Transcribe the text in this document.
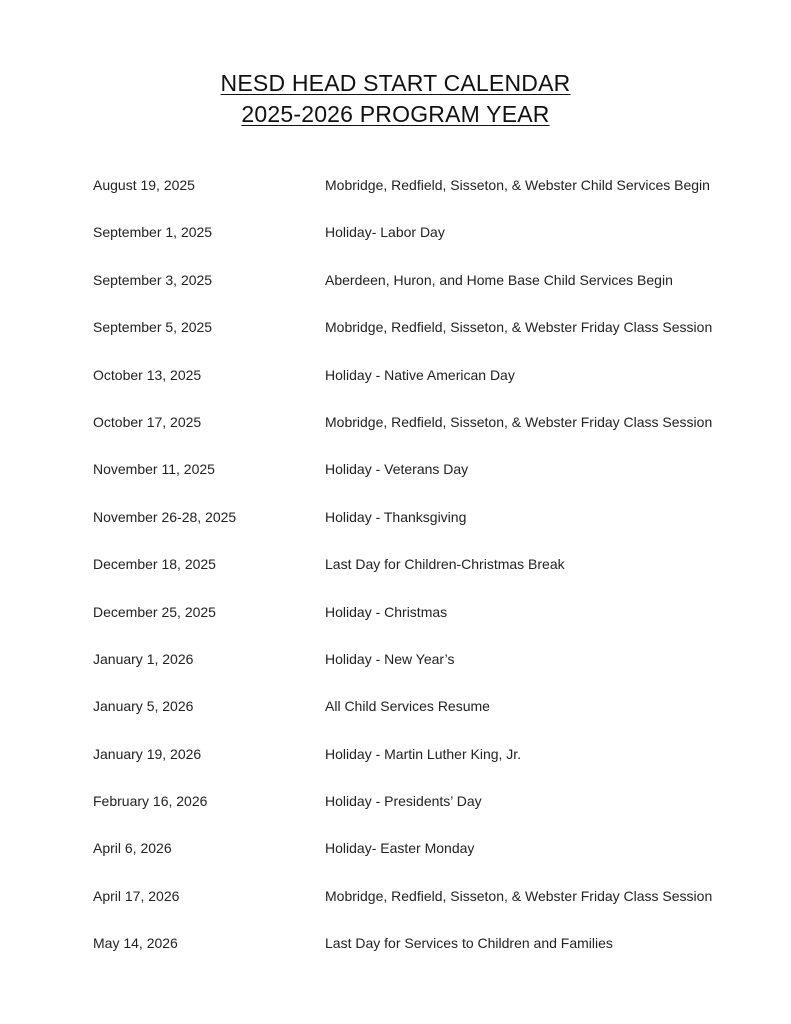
NESD HEAD START CALENDAR
2025-2026 PROGRAM YEAR
August 19, 2025	Mobridge, Redfield, Sisseton, & Webster Child Services Begin
September 1, 2025	Holiday- Labor Day
September 3, 2025	Aberdeen, Huron, and Home Base Child Services Begin
September 5, 2025	Mobridge, Redfield, Sisseton, & Webster Friday Class Session
October 13, 2025	Holiday - Native American Day
October 17, 2025	Mobridge, Redfield, Sisseton, & Webster Friday Class Session
November 11, 2025	Holiday - Veterans Day
November 26-28, 2025	Holiday - Thanksgiving
December 18, 2025	Last Day for Children-Christmas Break
December 25, 2025	Holiday - Christmas
January 1, 2026	Holiday - New Year’s
January 5, 2026	All Child Services Resume
January 19, 2026	Holiday - Martin Luther King, Jr.
February 16, 2026	Holiday - Presidents’ Day
April 6, 2026	Holiday- Easter Monday
April 17, 2026	Mobridge, Redfield, Sisseton, & Webster Friday Class Session
May 14, 2026	Last Day for Services to Children and Families
